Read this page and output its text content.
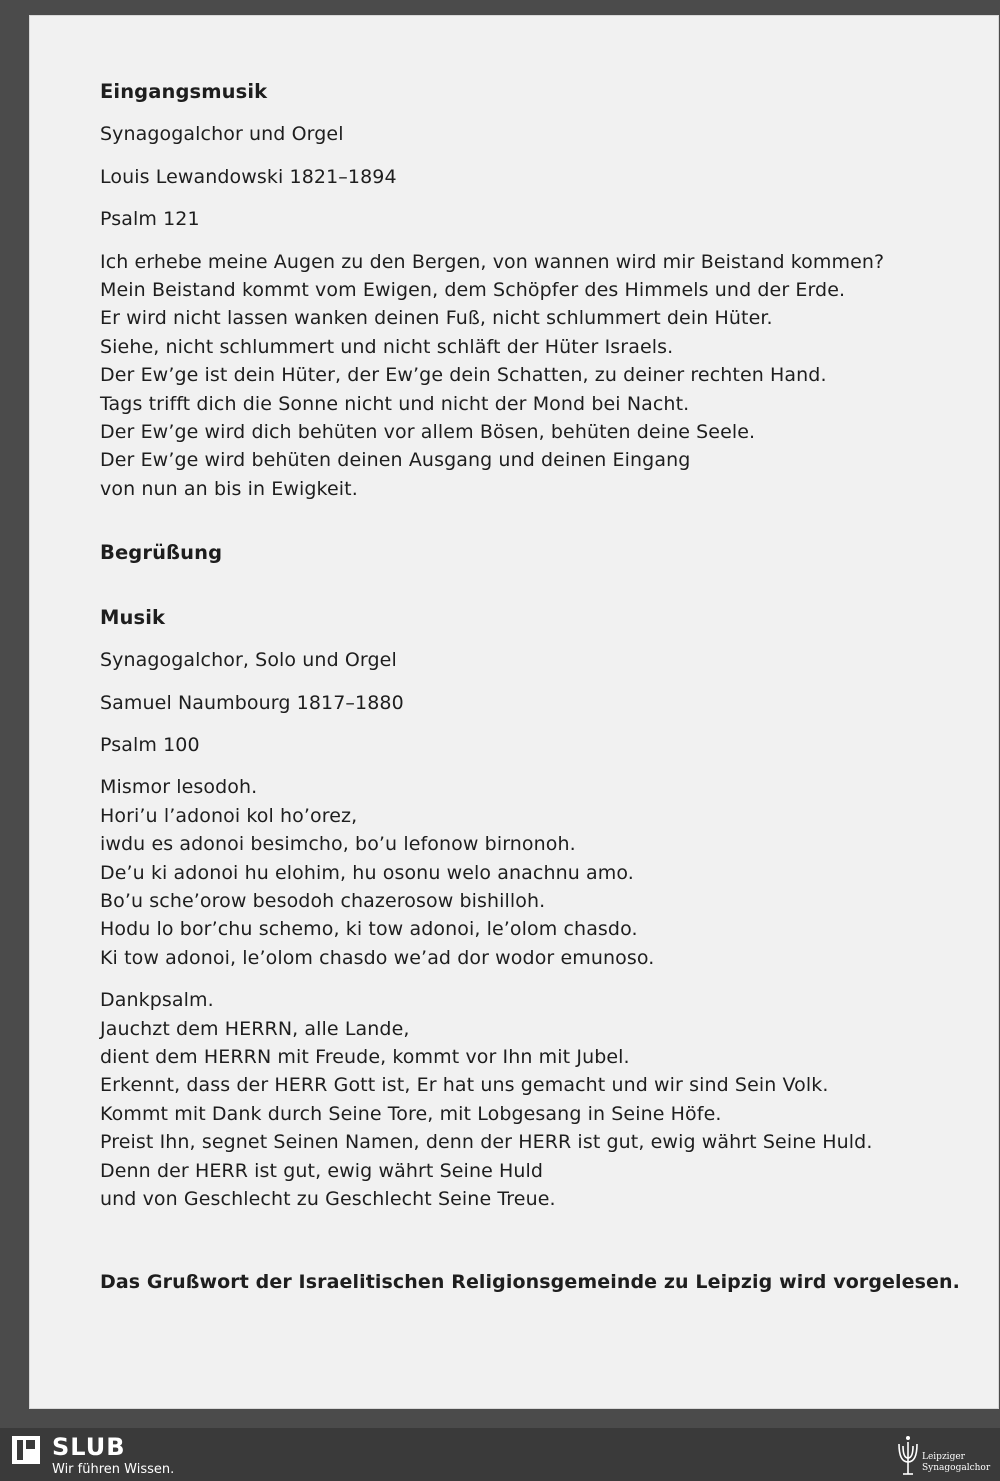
Eingangsmusik

Synagogalchor und Orgel

Louis Lewandowski 1821–1894

Psalm 121

Ich erhebe meine Augen zu den Bergen, von wannen wird mir Beistand kommen?
Mein Beistand kommt vom Ewigen, dem Schöpfer des Himmels und der Erde.
Er wird nicht lassen wanken deinen Fuß, nicht schlummert dein Hüter.
Siehe, nicht schlummert und nicht schläft der Hüter Israels.
Der Ew’ge ist dein Hüter, der Ew’ge dein Schatten, zu deiner rechten Hand.
Tags trifft dich die Sonne nicht und nicht der Mond bei Nacht.
Der Ew’ge wird dich behüten vor allem Bösen, behüten deine Seele.
Der Ew’ge wird behüten deinen Ausgang und deinen Eingang
von nun an bis in Ewigkeit.

Begrüßung

Musik

Synagogalchor, Solo und Orgel

Samuel Naumbourg 1817–1880

Psalm 100

Mismor lesodoh.
Hori’u l’adonoi kol ho’orez,
iwdu es adonoi besimcho, bo’u lefonow birnonoh.
De’u ki adonoi hu elohim, hu osonu welo anachnu amo.
Bo’u sche’orow besodoh chazerosow bishilloh.
Hodu lo bor’chu schemo, ki tow adonoi, le’olom chasdo.
Ki tow adonoi, le’olom chasdo we’ad dor wodor emunoso.
Dankpsalm.
Jauchzt dem HERRN, alle Lande,
dient dem HERRN mit Freude, kommt vor Ihn mit Jubel.
Erkennt, dass der HERR Gott ist, Er hat uns gemacht und wir sind Sein Volk.
Kommt mit Dank durch Seine Tore, mit Lobgesang in Seine Höfe.
Preist Ihn, segnet Seinen Namen, denn der HERR ist gut, ewig währt Seine Huld.
Denn der HERR ist gut, ewig währt Seine Huld
und von Geschlecht zu Geschlecht Seine Treue.

Das Grußwort der Israelitischen Religionsgemeinde zu Leipzig wird vorgelesen.

SLUB
Wir führen Wissen.
Leipziger
Synagogalchor
